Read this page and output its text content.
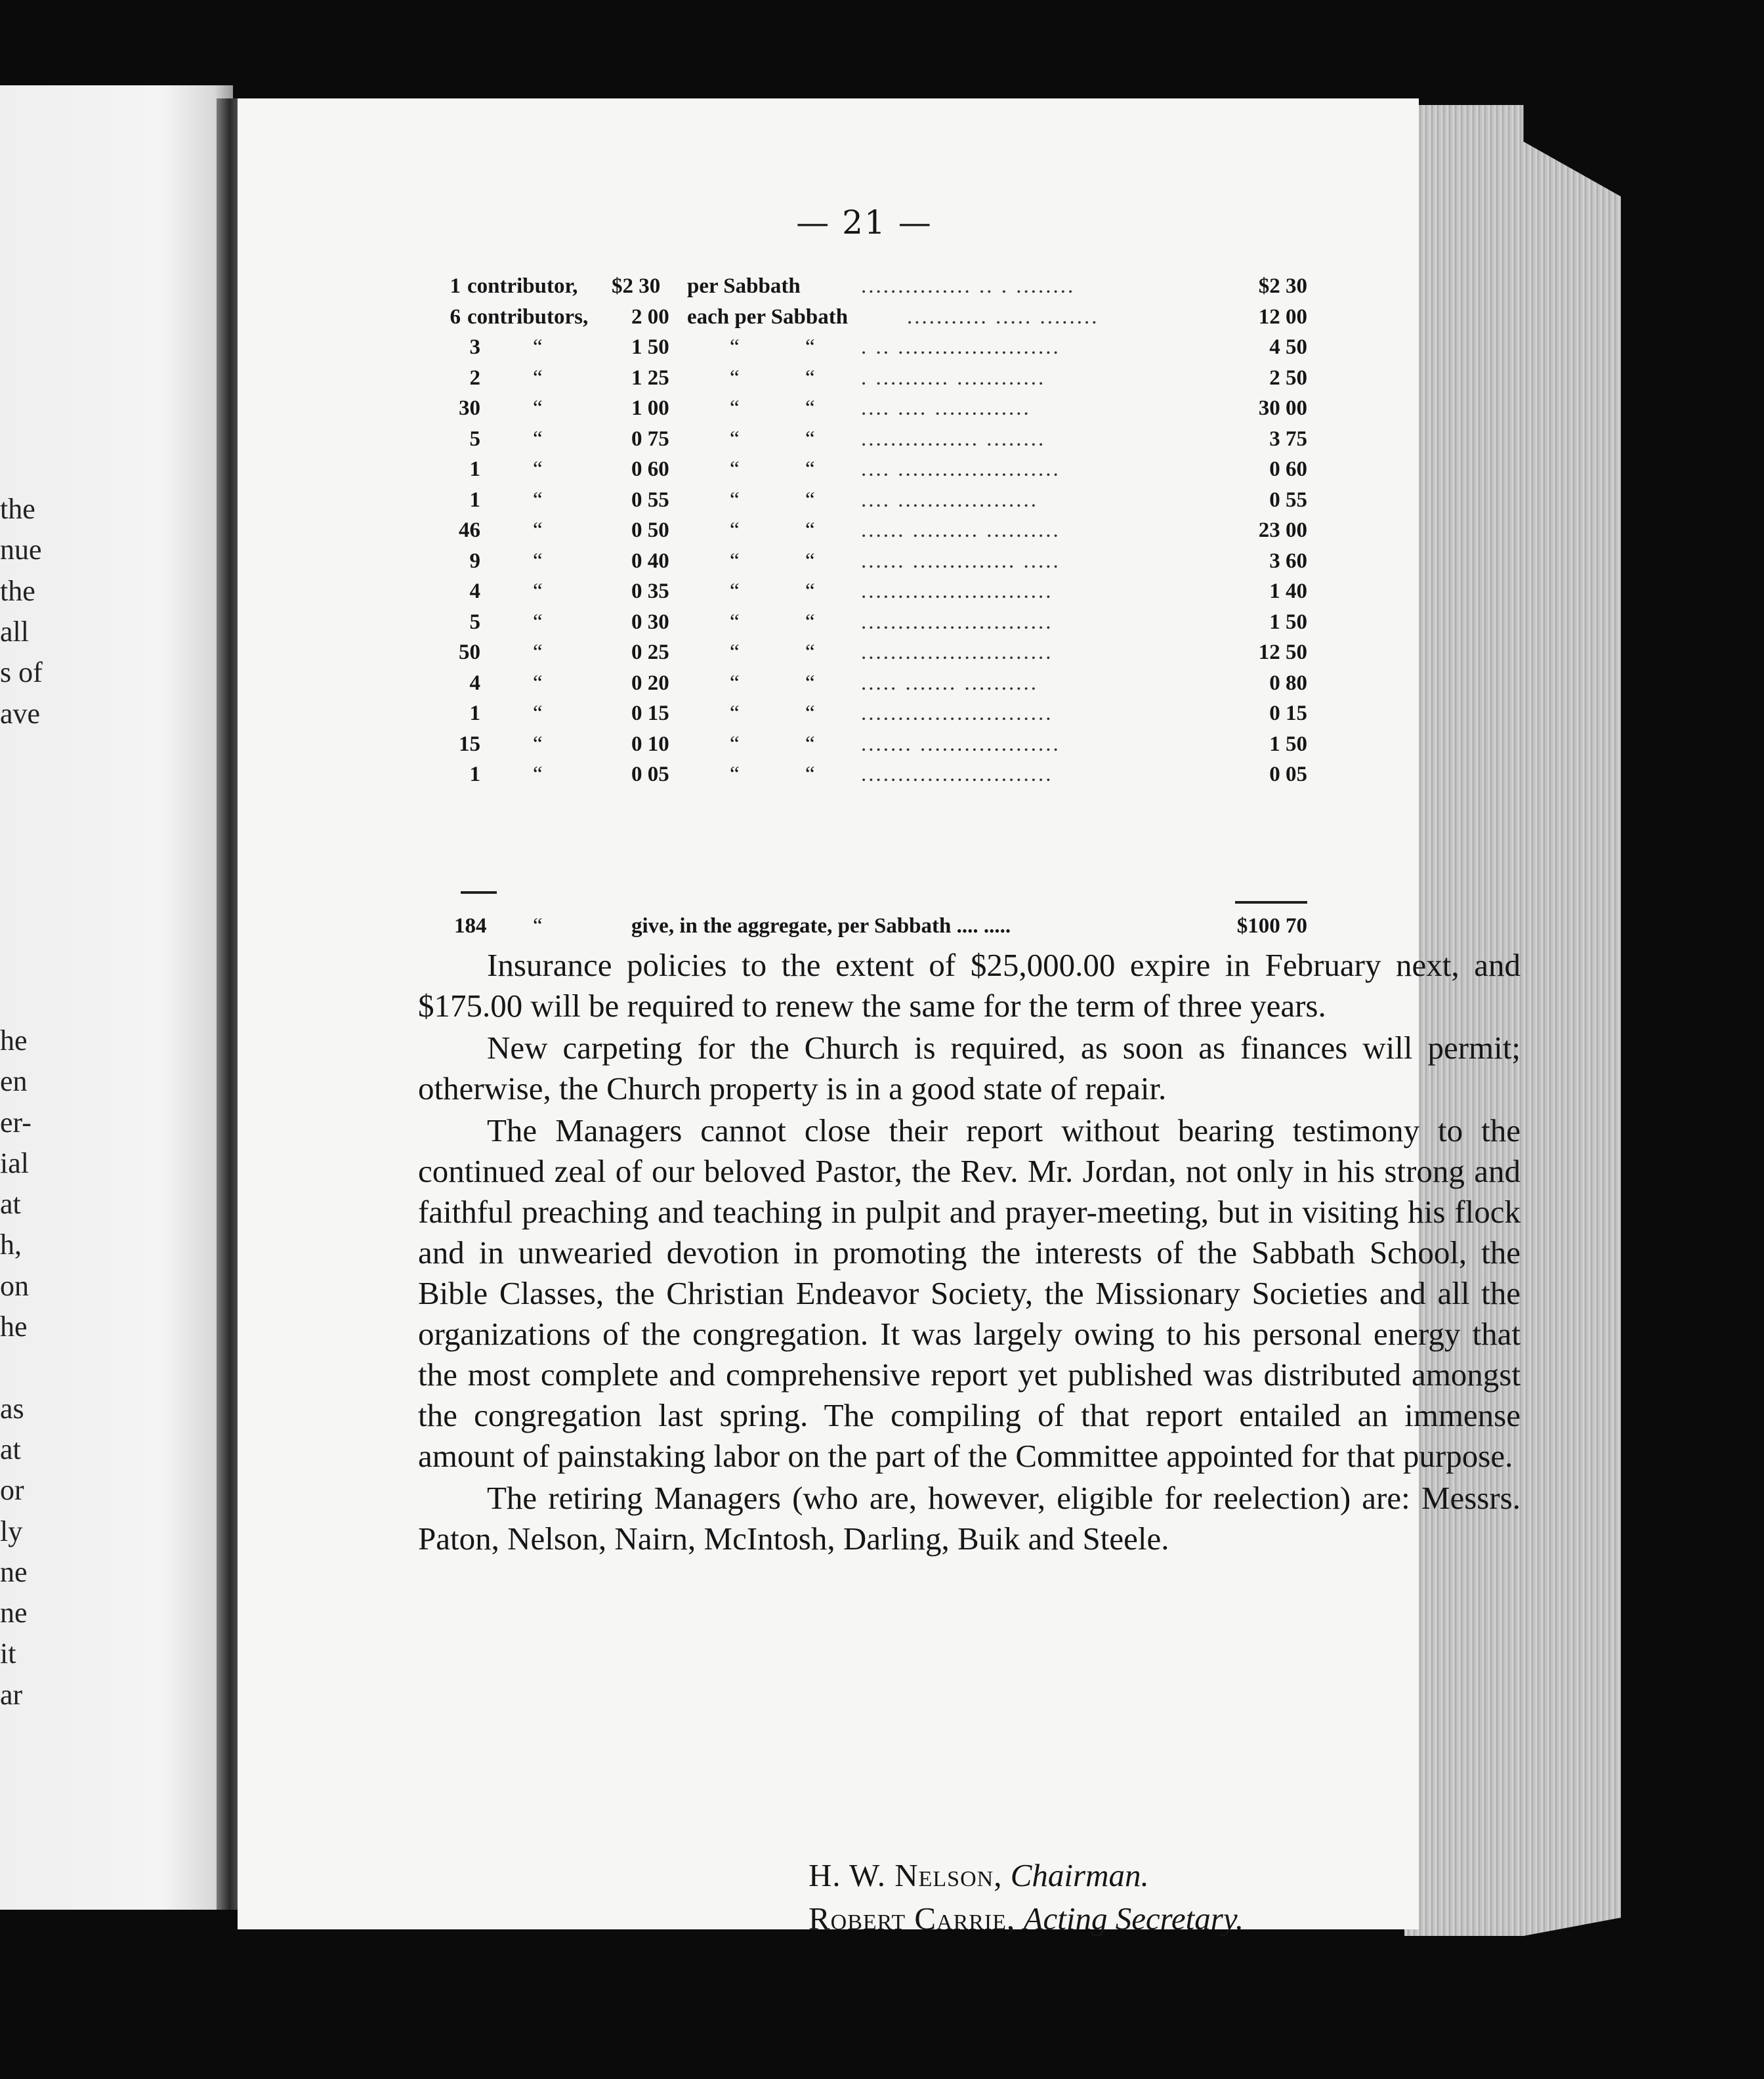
the
nue
the
all
s of
ave
he
en
er-
ial
at
h,
on
he
as
at
or
ly
ne
ne
it
ar
— 21 —
1 contributor, $2 30 per Sabbath	............... .. . ........	$2 30
6 contributors, 2 00 each per Sabbath	........... ..... ........	12 00
3 “	1 50	“	“ . .. ......................	4 50
2 “	1 25	“	“ . .......... ............	2 50
30 “	1 00	“	“ .... .... .............	30 00
5 “	0 75	“	“ ................ ........	3 75
1 “	0 60	“	“ .... ......................	0 60
1 “	0 55	“	“ .... ...................	0 55
46 “	0 50	“	“ ...... ......... ..........	23 00
9 “	0 40	“	“ ...... .............. .....	3 60
4 “	0 35	“	“ ..........................	1 40
5 “	0 30	“	“ ..........................	1 50
50 “	0 25	“	“ ..........................	12 50
4 “	0 20	“	“ ..... ....... ..........	0 80
1 “	0 15	“	“ ..........................	0 15
15 “	0 10	“	“ ....... ...................	1 50
1 “	0 05	“	“ ..........................	0 05
184 “	give, in the aggregate, per Sabbath .... .....	$100 70

Insurance policies to the extent of $25,000.00 expire in February next, and $175.00 will be required to renew the same for the term of three years.

New carpeting for the Church is required, as soon as finances will permit; otherwise, the Church property is in a good state of repair.

The Managers cannot close their report without bearing testimony to the continued zeal of our beloved Pastor, the Rev. Mr. Jordan, not only in his strong and faithful preaching and teaching in pulpit and prayer-meeting, but in visiting his flock and in unwearied devotion in promoting the interests of the Sabbath School, the Bible Classes, the Christian Endeavor Society, the Missionary Societies and all the organizations of the congregation. It was largely owing to his personal energy that the most complete and comprehensive report yet published was distributed amongst the congregation last spring. The compiling of that report entailed an immense amount of painstaking labor on the part of the Committee appointed for that purpose.

The retiring Managers (who are, however, eligible for reelection) are: Messrs. Paton, Nelson, Nairn, McIntosh, Darling, Buik and Steele.

H. W. Nelson, Chairman.
Robert Carrie, Acting Secretary.
